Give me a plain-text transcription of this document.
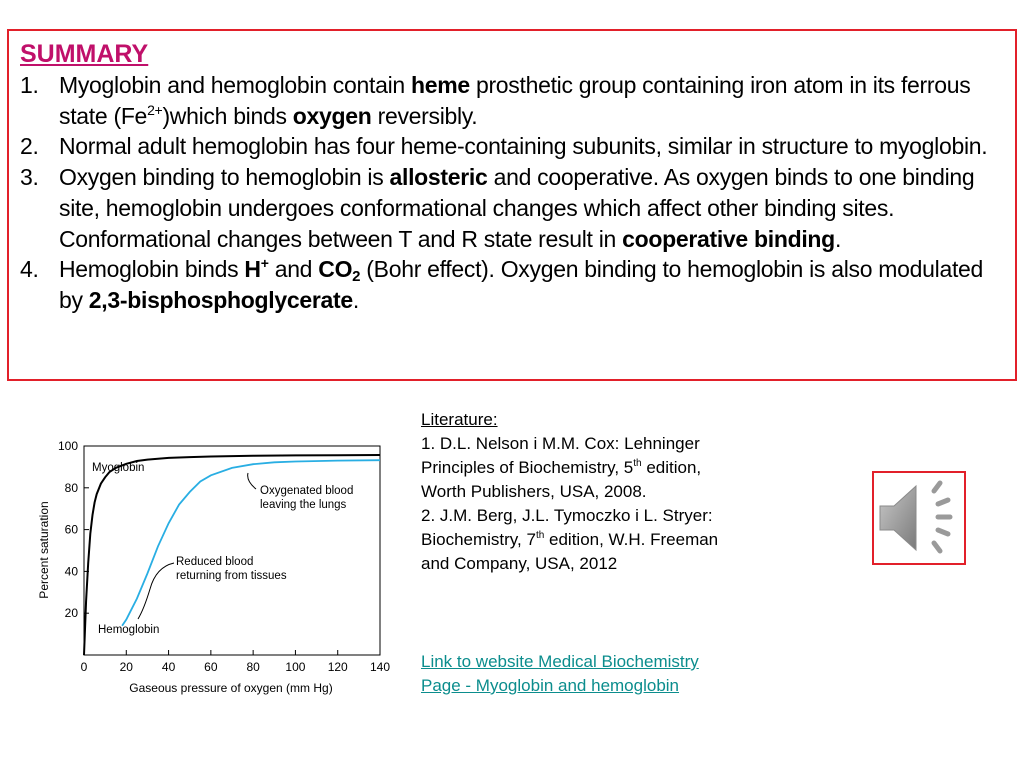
SUMMARY
1. Myoglobin and hemoglobin contain heme prosthetic group containing iron atom in its ferrous state $(Fe^{2+})which$ binds oxygen reversibly.
2. Normal adult hemoglobin has four heme-containing subunits, similar in structure to myoglobin.
3. Oxygen binding to hemoglobin is allosteric and cooperative. As oxygen binds to one binding site, hemoglobin undergoes conformational changes which affect other binding sites. Conformational changes between T and R state result in cooperative binding.
4. Hemoglobin binds H+ and $CO_2$ (Bohr effect). Oxygen binding to hemoglobin is also modulated by 2,3-bisphosphoglycerate.
20
40
60
80
100
0	20 40 60 80 100 120 140
Myoglobin
Hemoglobin
Oxygenated blood
leaving the lungs
Reduced blood
returning from tissues
Gaseous pressure of oxygen (mm Hg)
Percent saturation
Literature:
1. D.L. Nelson i M.M. Cox: Lehninger Principles of Biochemistry, 5th edition, Worth Publishers, USA, 2008.
2. J.M. Berg, J.L. Tymoczko i L. Stryer: Biochemistry, 7th edition, W.H. Freeman and Company, USA, 2012
Link to website Medical Biochemistry Page - Myoglobin and hemoglobin
